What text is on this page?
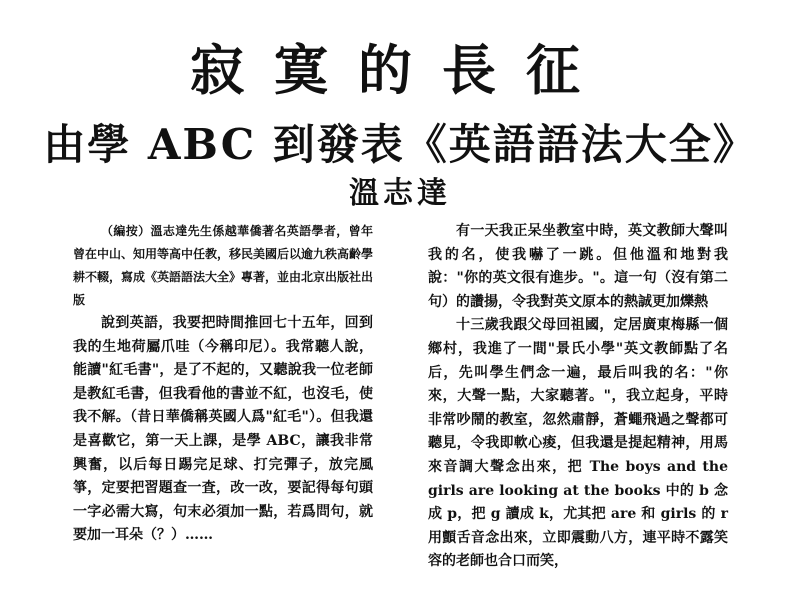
寂寞的長征
由學 ABC 到發表《英語語法大全》
溫志達

（編按）溫志達先生係越華僑著名英語學者，曾年曾在中山、知用等高中任教，移民美國后以逾九秩高齡學耕不輟，寫成《英語語法大全》專著，並由北京出版社出版

說到英語，我要把時間推回七十五年，回到我的生地荷屬爪哇（今稱印尼）。我常聽人說，能讀"紅毛書"，是了不起的，又聽說我一位老師是教紅毛書，但我看他的書並不紅，也沒毛，使我不解。（昔日華僑稱英國人爲"紅毛"）。但我還是喜歡它，第一天上課，是學 ABC，讓我非常興奮，以后每日踢完足球、打完彈子，放完風箏，定要把習題查一査，改一改，要記得每句頭一字必需大寫，句末必須加一點，若爲問句，就要加一耳朵（？）……

有一天我正呆坐教室中時，英文教師大聲叫我的名，使我嚇了一跳。但他溫和地對我說："你的英文很有進步。"。這一句（沒有第二句）的讚揚，令我對英文原本的熱誠更加爍熱

十三歲我跟父母回祖國，定居廣東梅縣一個鄉村，我進了一間"景氏小學"英文教師點了名后，先叫學生們念一遍，最后叫我的名："你來，大聲一點，大家聽著。"，我立起身，平時非常吵鬧的教室，忽然肅靜，蒼蠅飛過之聲都可聽見，令我即軟心痠，但我還是提起精神，用馬來音調大聲念出來，把 The boys and the girls are looking at the books 中的 b 念成 p，把 g 讀成 k，尤其把 are 和 girls 的 r 用顫舌音念出來，立即震動八方，連平時不露笑容的老師也合口而笑，
